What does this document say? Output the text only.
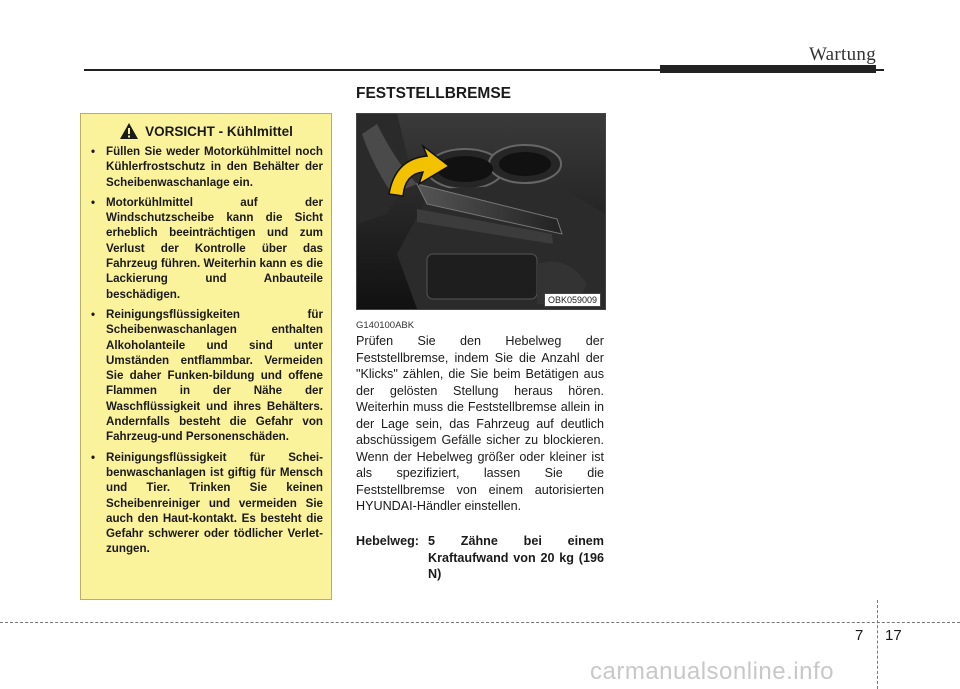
Wartung
FESTSTELLBREMSE
VORSICHT - Kühlmittel
• Füllen Sie weder Motorkühlmittel noch Kühlerfrostschutz in den Behälter der Scheibenwaschanlage ein.
• Motorkühlmittel auf der Windschutzscheibe kann die Sicht erheblich beeinträchtigen und zum Verlust der Kontrolle über das Fahrzeug führen. Weiterhin kann es die Lackierung und Anbauteile beschädigen.
• Reinigungsflüssigkeiten für Scheibenwaschanlagen enthalten Alkoholanteile und sind unter Umständen entflammbar. Vermeiden Sie daher Funken-bildung und offene Flammen in der Nähe der Waschflüssigkeit und ihres Behälters. Andernfalls besteht die Gefahr von Fahrzeug-und Personenschäden.
• Reinigungsflüssigkeit für Schei-benwaschanlagen ist giftig für Mensch und Tier. Trinken Sie keinen Scheibenreiniger und vermeiden Sie auch den Haut-kontakt. Es besteht die Gefahr schwerer oder tödlicher Verlet-zungen.
OBK059009
G140100ABK
Prüfen Sie den Hebelweg der Feststellbremse, indem Sie die Anzahl der "Klicks" zählen, die Sie beim Betätigen aus der gelösten Stellung heraus hören. Weiterhin muss die Feststellbremse allein in der Lage sein, das Fahrzeug auf deutlich abschüssigem Gefälle sicher zu blockieren. Wenn der Hebelweg größer oder kleiner ist als spezifiziert, lassen Sie die Feststellbremse von einem autorisierten HYUNDAI-Händler einstellen.
Hebelweg: 5 Zähne bei einem Kraftaufwand von 20 kg (196 N)
7 17
carmanualsonline.info
